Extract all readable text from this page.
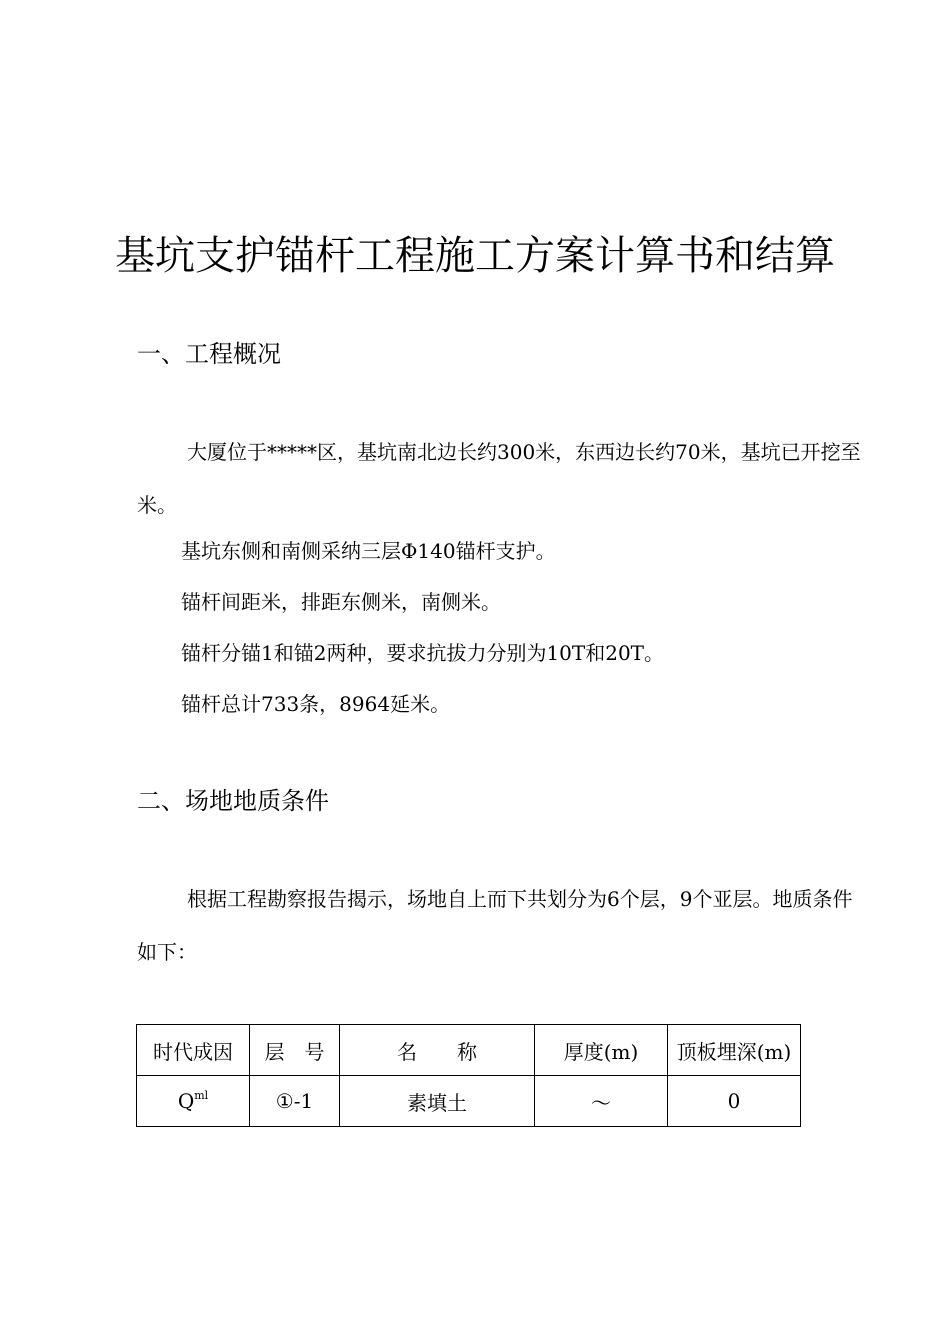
基坑支护锚杆工程施工方案计算书和结算
一、工程概况
大厦位于*****区，基坑南北边长约300米，东西边长约70米，基坑已开挖至米。
基坑东侧和南侧采纳三层Φ140锚杆支护。
锚杆间距米，排距东侧米，南侧米。
锚杆分锚1和锚2两种，要求抗拔力分别为10T和20T。
锚杆总计733条，8964延米。
二、场地地质条件
根据工程勘察报告揭示，场地自上而下共划分为6个层，9个亚层。地质条件如下：
时代成因	层　号	名　　称	厚度(m)	顶板埋深(m)
$Q^{ml}$	①-1	素填土	～	0
